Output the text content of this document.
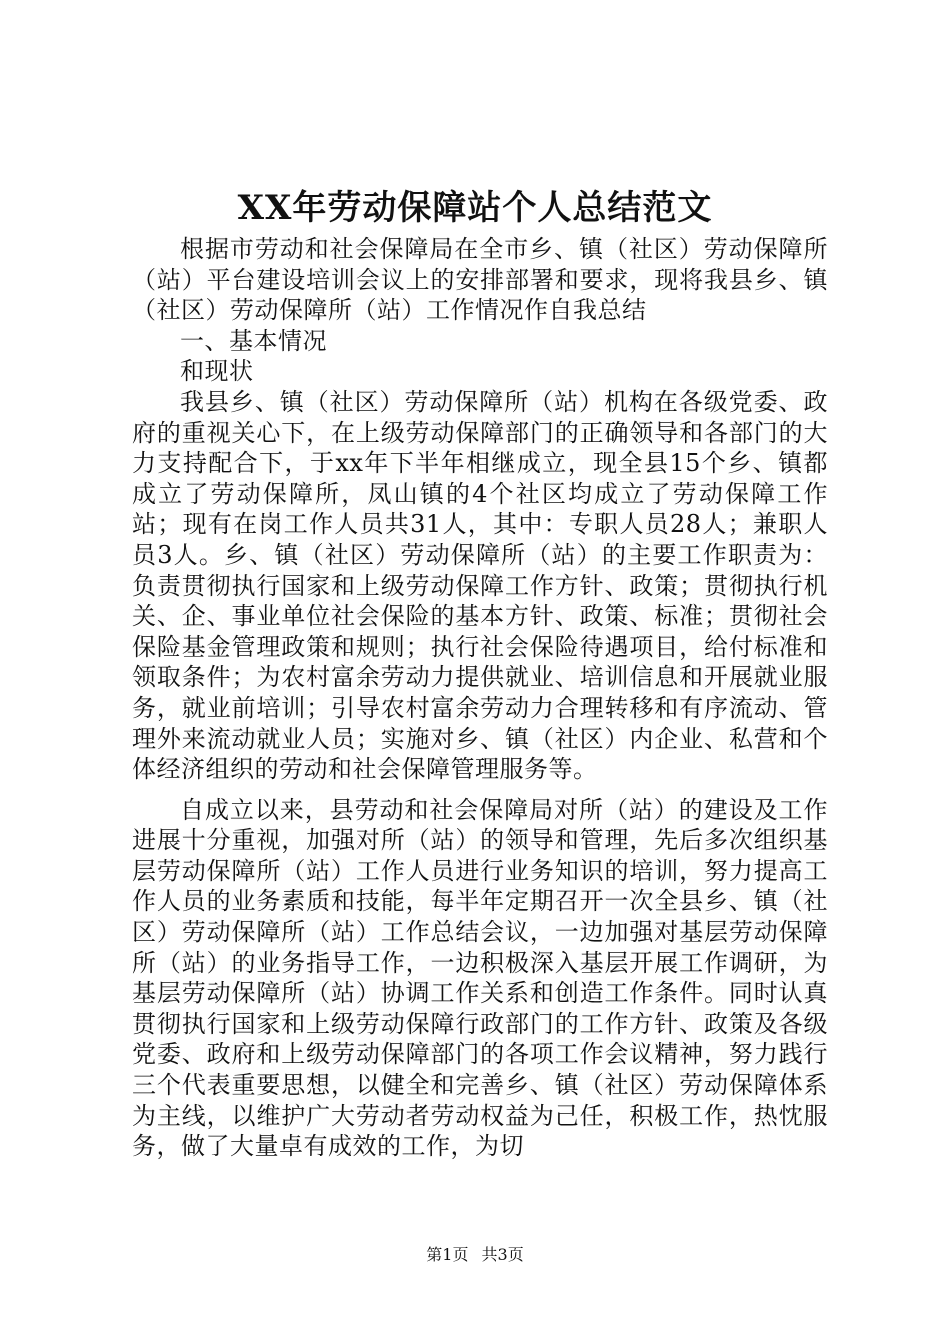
XX年劳动保障站个人总结范文

根据市劳动和社会保障局在全市乡、镇（社区）劳动保障所（站）平台建设培训会议上的安排部署和要求，现将我县乡、镇（社区）劳动保障所（站）工作情况作自我总结

一、基本情况

和现状

我县乡、镇（社区）劳动保障所（站）机构在各级党委、政府的重视关心下，在上级劳动保障部门的正确领导和各部门的大力支持配合下，于xx年下半年相继成立，现全县15个乡、镇都成立了劳动保障所，凤山镇的4个社区均成立了劳动保障工作站；现有在岗工作人员共31人，其中：专职人员28人；兼职人员3人。乡、镇（社区）劳动保障所（站）的主要工作职责为：负责贯彻执行国家和上级劳动保障工作方针、政策；贯彻执行机关、企、事业单位社会保险的基本方针、政策、标准；贯彻社会保险基金管理政策和规则；执行社会保险待遇项目，给付标准和领取条件；为农村富余劳动力提供就业、培训信息和开展就业服务，就业前培训；引导农村富余劳动力合理转移和有序流动、管理外来流动就业人员；实施对乡、镇（社区）内企业、私营和个体经济组织的劳动和社会保障管理服务等。

自成立以来，县劳动和社会保障局对所（站）的建设及工作进展十分重视，加强对所（站）的领导和管理，先后多次组织基层劳动保障所（站）工作人员进行业务知识的培训，努力提高工作人员的业务素质和技能，每半年定期召开一次全县乡、镇（社区）劳动保障所（站）工作总结会议，一边加强对基层劳动保障所（站）的业务指导工作，一边积极深入基层开展工作调研，为基层劳动保障所（站）协调工作关系和创造工作条件。同时认真贯彻执行国家和上级劳动保障行政部门的工作方针、政策及各级党委、政府和上级劳动保障部门的各项工作会议精神，努力践行三个代表重要思想，以健全和完善乡、镇（社区）劳动保障体系为主线，以维护广大劳动者劳动权益为己任，积极工作，热忱服务，做了大量卓有成效的工作，为切

第1页 共3页
